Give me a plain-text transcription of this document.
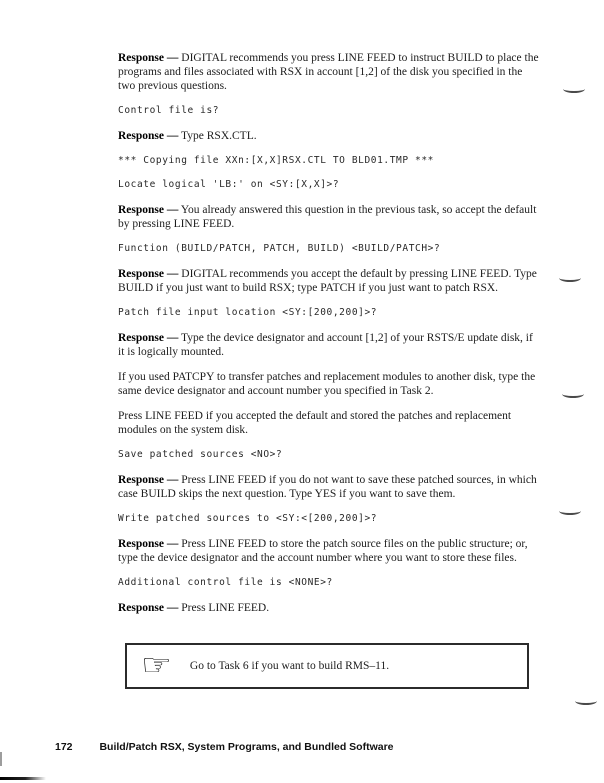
Response — DIGITAL recommends you press LINE FEED to instruct BUILD to place the programs and files associated with RSX in account [1,2] of the disk you specified in the two previous questions.

Control file is?

Response — Type RSX.CTL.

*** Copying file XXn:[X,X]RSX.CTL TO BLD01.TMP ***

Locate logical 'LB:' on <SY:[X,X]>?

Response — You already answered this question in the previous task, so accept the default by pressing LINE FEED.

Function (BUILD/PATCH, PATCH, BUILD) <BUILD/PATCH>?

Response — DIGITAL recommends you accept the default by pressing LINE FEED. Type BUILD if you just want to build RSX; type PATCH if you just want to patch RSX.

Patch file input location <SY:[200,200]>?

Response — Type the device designator and account [1,2] of your RSTS/E update disk, if it is logically mounted.

If you used PATCPY to transfer patches and replacement modules to another disk, type the same device designator and account number you specified in Task 2.

Press LINE FEED if you accepted the default and stored the patches and replacement modules on the system disk.

Save patched sources <NO>?

Response — Press LINE FEED if you do not want to save these patched sources, in which case BUILD skips the next question. Type YES if you want to save them.

Write patched sources to <SY:<[200,200]>?

Response — Press LINE FEED to store the patch source files on the public structure; or, type the device designator and the account number where you want to store these files.

Additional control file is <NONE>?

Response — Press LINE FEED.

☞ Go to Task 6 if you want to build RMS–11.
172	Build/Patch RSX, System Programs, and Bundled Software
